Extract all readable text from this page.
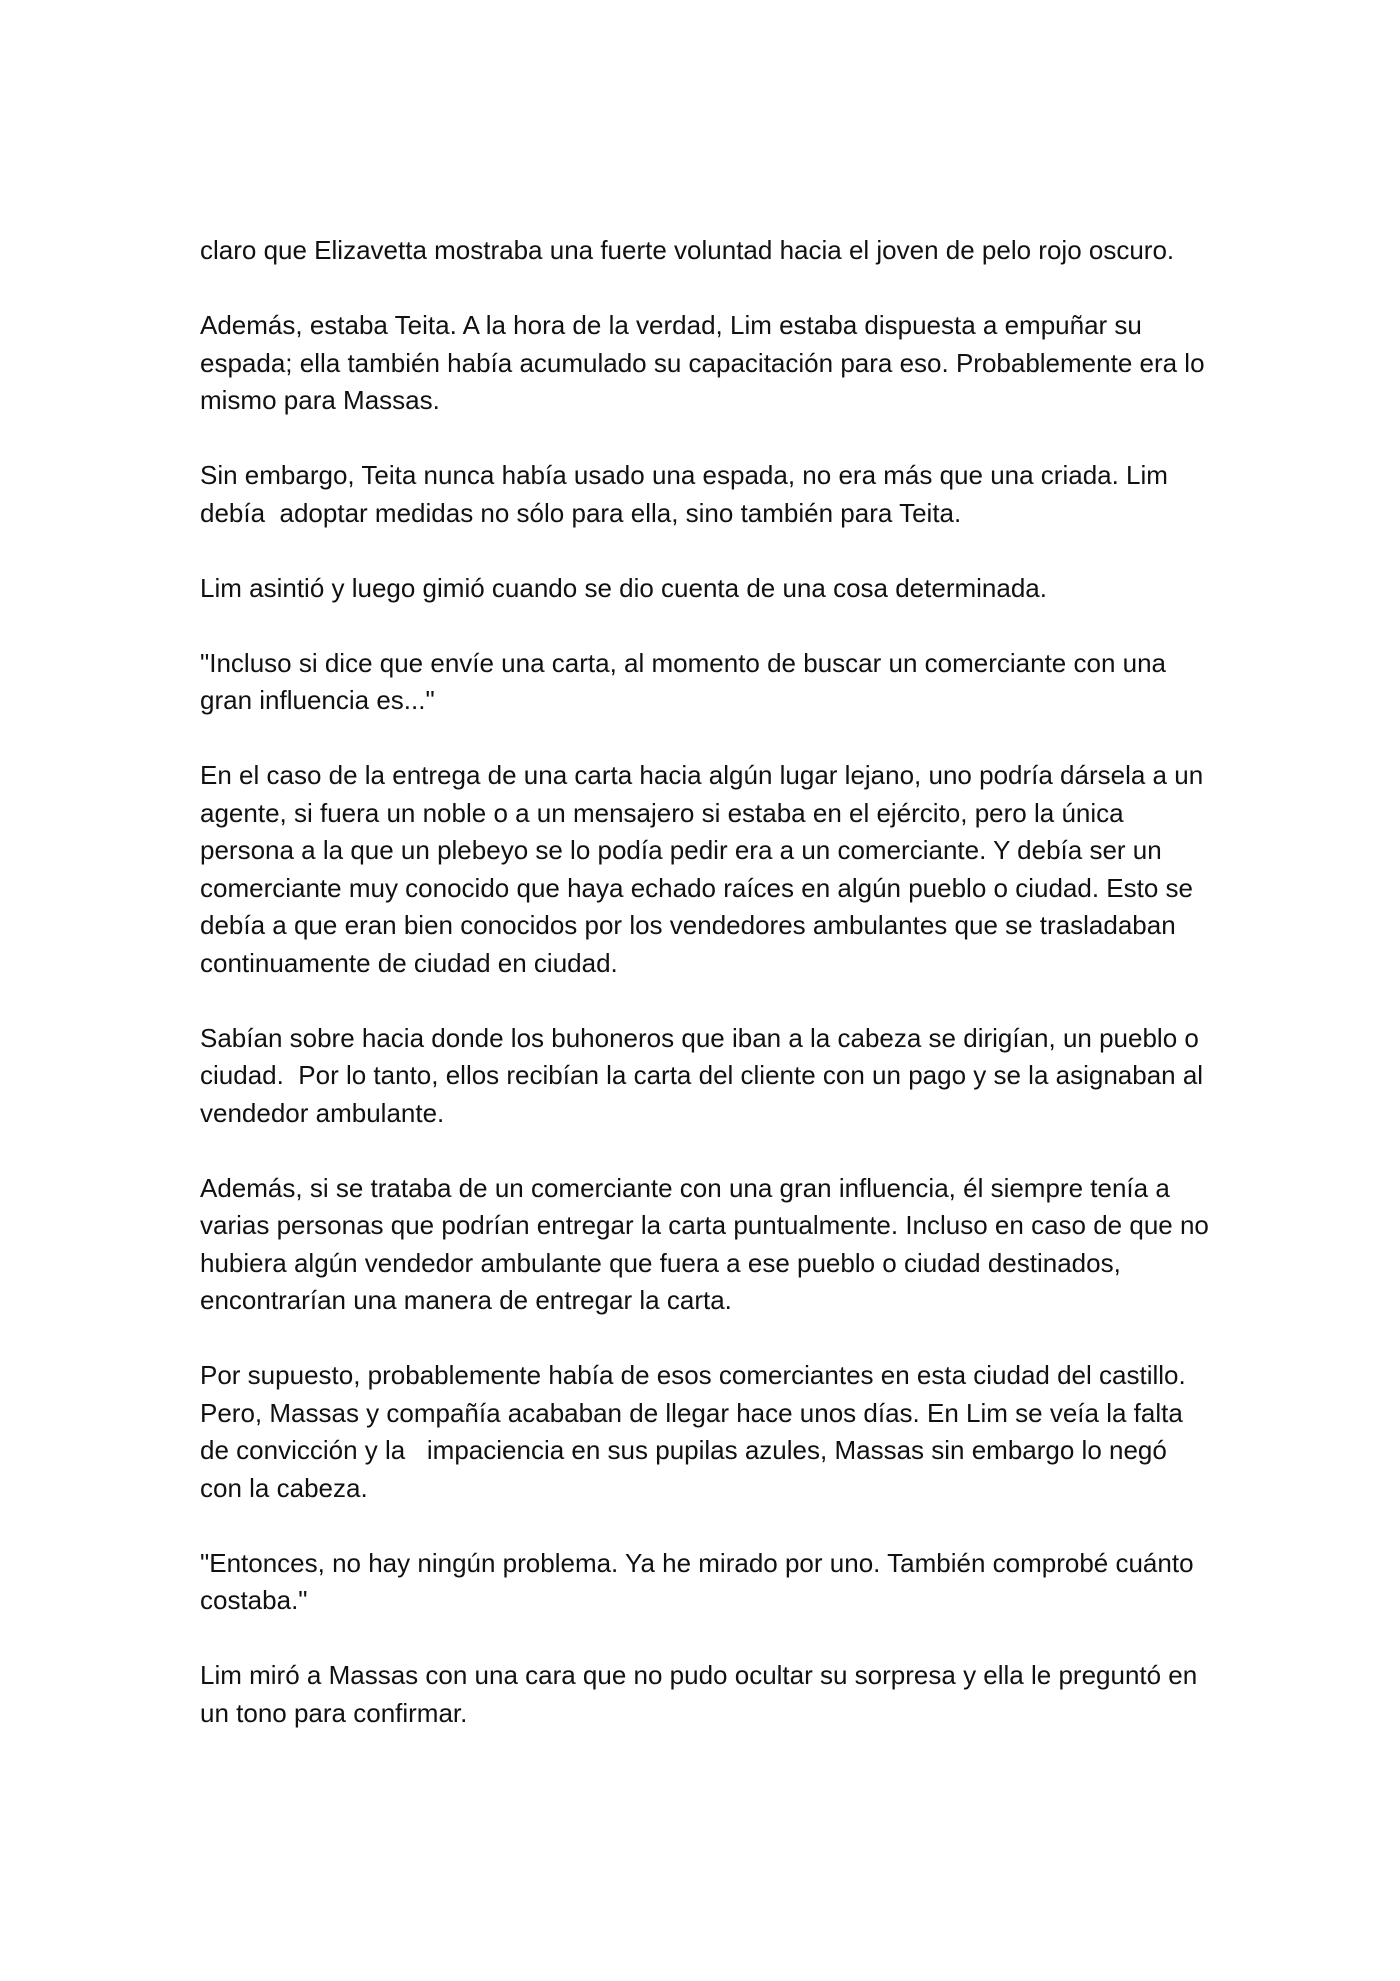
claro que Elizavetta mostraba una fuerte voluntad hacia el joven de pelo rojo oscuro.

Además, estaba Teita. A la hora de la verdad, Lim estaba dispuesta a empuñar su espada; ella también había acumulado su capacitación para eso. Probablemente era lo mismo para Massas.

Sin embargo, Teita nunca había usado una espada, no era más que una criada. Lim debía  adoptar medidas no sólo para ella, sino también para Teita.

Lim asintió y luego gimió cuando se dio cuenta de una cosa determinada.

"Incluso si dice que envíe una carta, al momento de buscar un comerciante con una gran influencia es..."

En el caso de la entrega de una carta hacia algún lugar lejano, uno podría dársela a un agente, si fuera un noble o a un mensajero si estaba en el ejército, pero la única persona a la que un plebeyo se lo podía pedir era a un comerciante. Y debía ser un comerciante muy conocido que haya echado raíces en algún pueblo o ciudad. Esto se debía a que eran bien conocidos por los vendedores ambulantes que se trasladaban continuamente de ciudad en ciudad.

Sabían sobre hacia donde los buhoneros que iban a la cabeza se dirigían, un pueblo o ciudad.  Por lo tanto, ellos recibían la carta del cliente con un pago y se la asignaban al vendedor ambulante.

Además, si se trataba de un comerciante con una gran influencia, él siempre tenía a varias personas que podrían entregar la carta puntualmente. Incluso en caso de que no hubiera algún vendedor ambulante que fuera a ese pueblo o ciudad destinados, encontrarían una manera de entregar la carta.

Por supuesto, probablemente había de esos comerciantes en esta ciudad del castillo. Pero, Massas y compañía acababan de llegar hace unos días. En Lim se veía la falta de convicción y la   impaciencia en sus pupilas azules, Massas sin embargo lo negó con la cabeza.

"Entonces, no hay ningún problema. Ya he mirado por uno. También comprobé cuánto costaba."

Lim miró a Massas con una cara que no pudo ocultar su sorpresa y ella le preguntó en un tono para confirmar.
